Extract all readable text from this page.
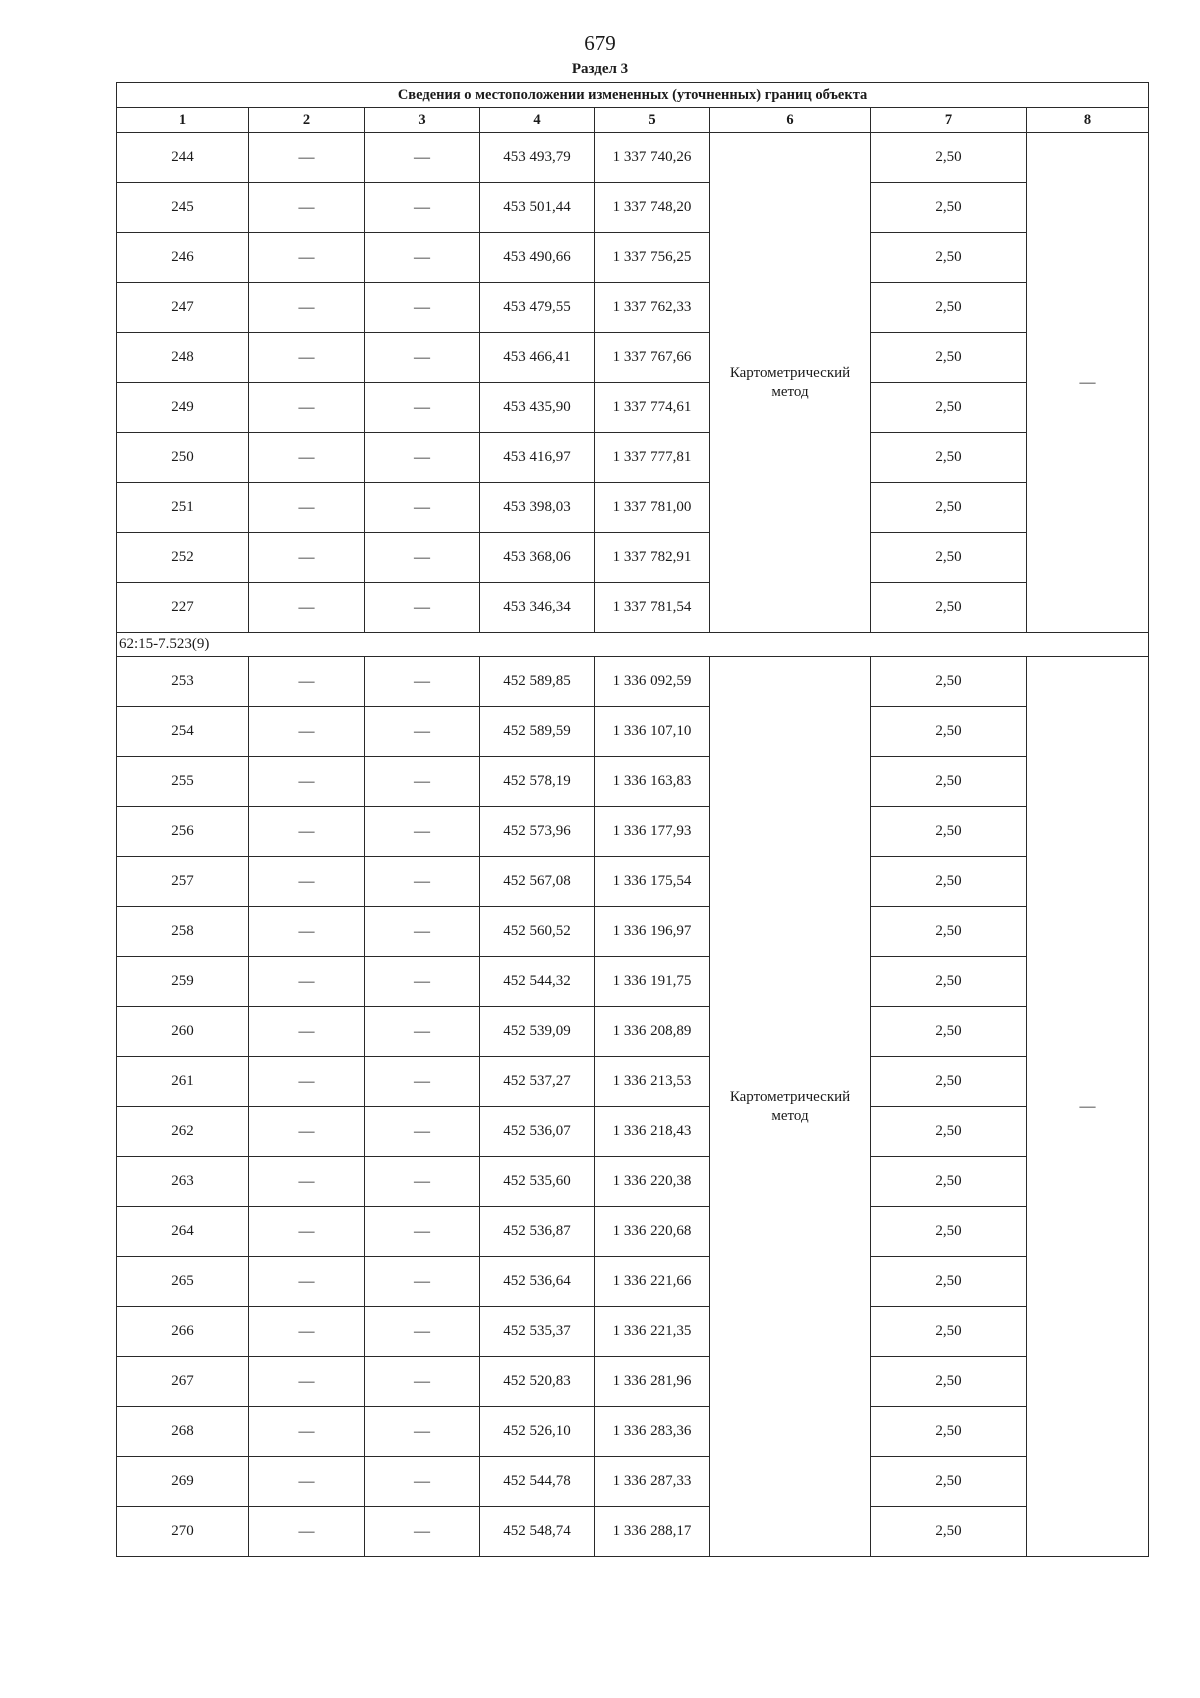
679
Раздел 3
Сведения о местоположении измененных (уточненных) границ объекта							
1	2	3	4	5	6	7	8
244	—	—	453 493,79	1 337 740,26	Картометрический метод	2,50	—
245	—	—	453 501,44	1 337 748,20		2,50	
246	—	—	453 490,66	1 337 756,25		2,50	
247	—	—	453 479,55	1 337 762,33		2,50	
248	—	—	453 466,41	1 337 767,66		2,50	
249	—	—	453 435,90	1 337 774,61		2,50	
250	—	—	453 416,97	1 337 777,81		2,50	
251	—	—	453 398,03	1 337 781,00		2,50	
252	—	—	453 368,06	1 337 782,91		2,50	
227	—	—	453 346,34	1 337 781,54		2,50	
62:15-7.523(9)							
253	—	—	452 589,85	1 336 092,59	Картометрический метод	2,50	—
254	—	—	452 589,59	1 336 107,10		2,50	
255	—	—	452 578,19	1 336 163,83		2,50	
256	—	—	452 573,96	1 336 177,93		2,50	
257	—	—	452 567,08	1 336 175,54		2,50	
258	—	—	452 560,52	1 336 196,97		2,50	
259	—	—	452 544,32	1 336 191,75		2,50	
260	—	—	452 539,09	1 336 208,89		2,50	
261	—	—	452 537,27	1 336 213,53		2,50	
262	—	—	452 536,07	1 336 218,43		2,50	
263	—	—	452 535,60	1 336 220,38		2,50	
264	—	—	452 536,87	1 336 220,68		2,50	
265	—	—	452 536,64	1 336 221,66		2,50	
266	—	—	452 535,37	1 336 221,35		2,50	
267	—	—	452 520,83	1 336 281,96		2,50	
268	—	—	452 526,10	1 336 283,36		2,50	
269	—	—	452 544,78	1 336 287,33		2,50	
270	—	—	452 548,74	1 336 288,17		2,50	
